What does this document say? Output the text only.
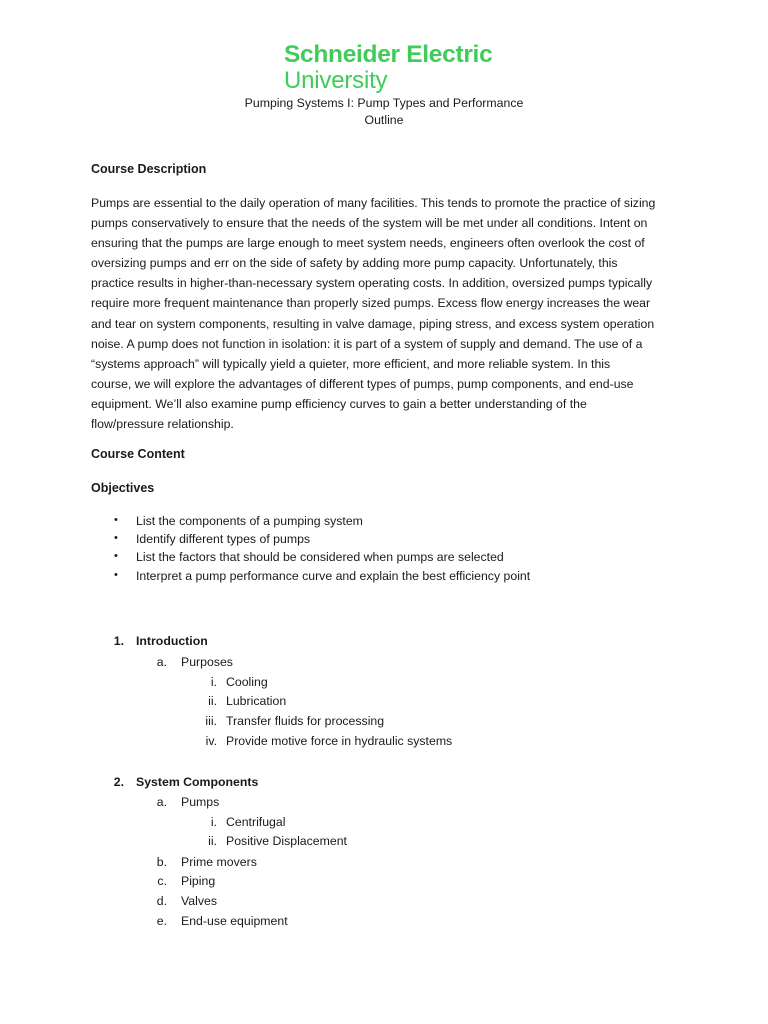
Schneider Electric
University
Pumping Systems I: Pump Types and Performance
Outline
Course Description
Pumps are essential to the daily operation of many facilities. This tends to promote the practice of sizing
pumps conservatively to ensure that the needs of the system will be met under all conditions. Intent on
ensuring that the pumps are large enough to meet system needs, engineers often overlook the cost of
oversizing pumps and err on the side of safety by adding more pump capacity. Unfortunately, this
practice results in higher-than-necessary system operating costs. In addition, oversized pumps typically
require more frequent maintenance than properly sized pumps. Excess flow energy increases the wear
and tear on system components, resulting in valve damage, piping stress, and excess system operation
noise. A pump does not function in isolation: it is part of a system of supply and demand. The use of a
“systems approach” will typically yield a quieter, more efficient, and more reliable system. In this
course, we will explore the advantages of different types of pumps, pump components, and end-use
equipment. We’ll also examine pump efficiency curves to gain a better understanding of the
flow/pressure relationship.
Course Content
Objectives
• List the components of a pumping system
• Identify different types of pumps
• List the factors that should be considered when pumps are selected
• Interpret a pump performance curve and explain the best efficiency point
1. Introduction
a. Purposes
i. Cooling
ii. Lubrication
iii. Transfer fluids for processing
iv. Provide motive force in hydraulic systems
2. System Components
a. Pumps
i. Centrifugal
ii. Positive Displacement
b. Prime movers
c. Piping
d. Valves
e. End-use equipment
